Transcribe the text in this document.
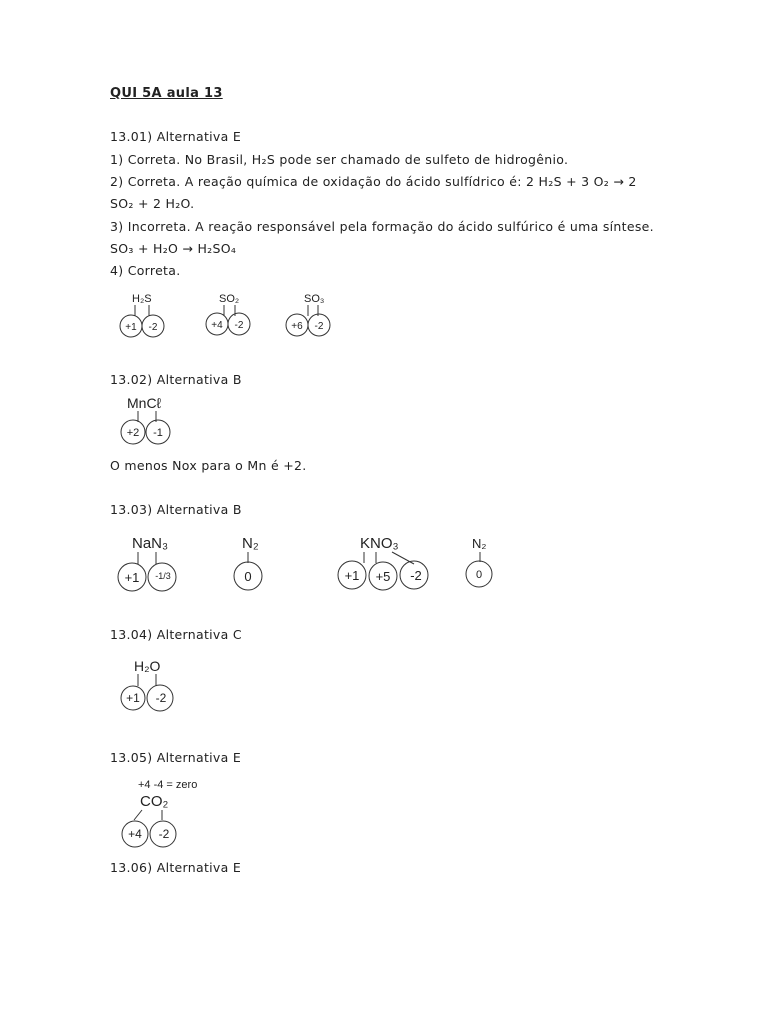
QUI 5A aula 13
13.01) Alternativa E
1) Correta. No Brasil, H₂S pode ser chamado de sulfeto de hidrogênio.
2) Correta. A reação química de oxidação do ácido sulfídrico é: 2 H₂S + 3 O₂ → 2
SO₂ + 2 H₂O.
3) Incorreta. A reação responsável pela formação do ácido sulfúrico é uma síntese.
SO₃ + H₂O → H₂SO₄
4) Correta.
H₂S
+1 -2
SO₂
+4 -2
SO₃
+6 -2
13.02) Alternativa B
MnCℓ
+2 -1
O menos Nox para o Mn é +2.
13.03) Alternativa B
NaN₃
+1 -1/3
N₂
0
KNO₃
+1 +5 -2
N₂
0
13.04) Alternativa C
H₂O
+1 -2
13.05) Alternativa E
+4 -4 = zero
CO₂
+4 -2
13.06) Alternativa E
